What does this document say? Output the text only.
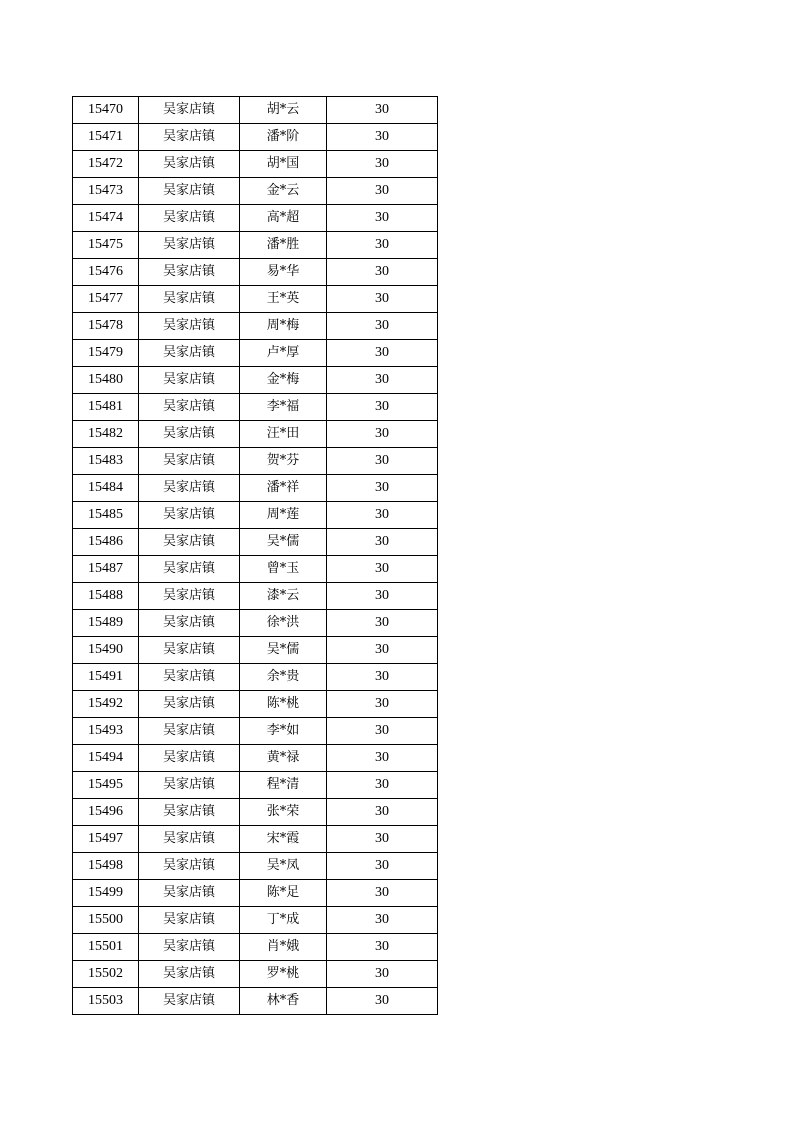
15470	吴家店镇	胡*云	30
15471	吴家店镇	潘*阶	30
15472	吴家店镇	胡*国	30
15473	吴家店镇	金*云	30
15474	吴家店镇	高*超	30
15475	吴家店镇	潘*胜	30
15476	吴家店镇	易*华	30
15477	吴家店镇	王*英	30
15478	吴家店镇	周*梅	30
15479	吴家店镇	卢*厚	30
15480	吴家店镇	金*梅	30
15481	吴家店镇	李*福	30
15482	吴家店镇	汪*田	30
15483	吴家店镇	贺*芬	30
15484	吴家店镇	潘*祥	30
15485	吴家店镇	周*莲	30
15486	吴家店镇	吴*儒	30
15487	吴家店镇	曾*玉	30
15488	吴家店镇	漆*云	30
15489	吴家店镇	徐*洪	30
15490	吴家店镇	吴*儒	30
15491	吴家店镇	余*贵	30
15492	吴家店镇	陈*桃	30
15493	吴家店镇	李*如	30
15494	吴家店镇	黄*禄	30
15495	吴家店镇	程*清	30
15496	吴家店镇	张*荣	30
15497	吴家店镇	宋*霞	30
15498	吴家店镇	吴*凤	30
15499	吴家店镇	陈*足	30
15500	吴家店镇	丁*成	30
15501	吴家店镇	肖*娥	30
15502	吴家店镇	罗*桃	30
15503	吴家店镇	林*香	30
